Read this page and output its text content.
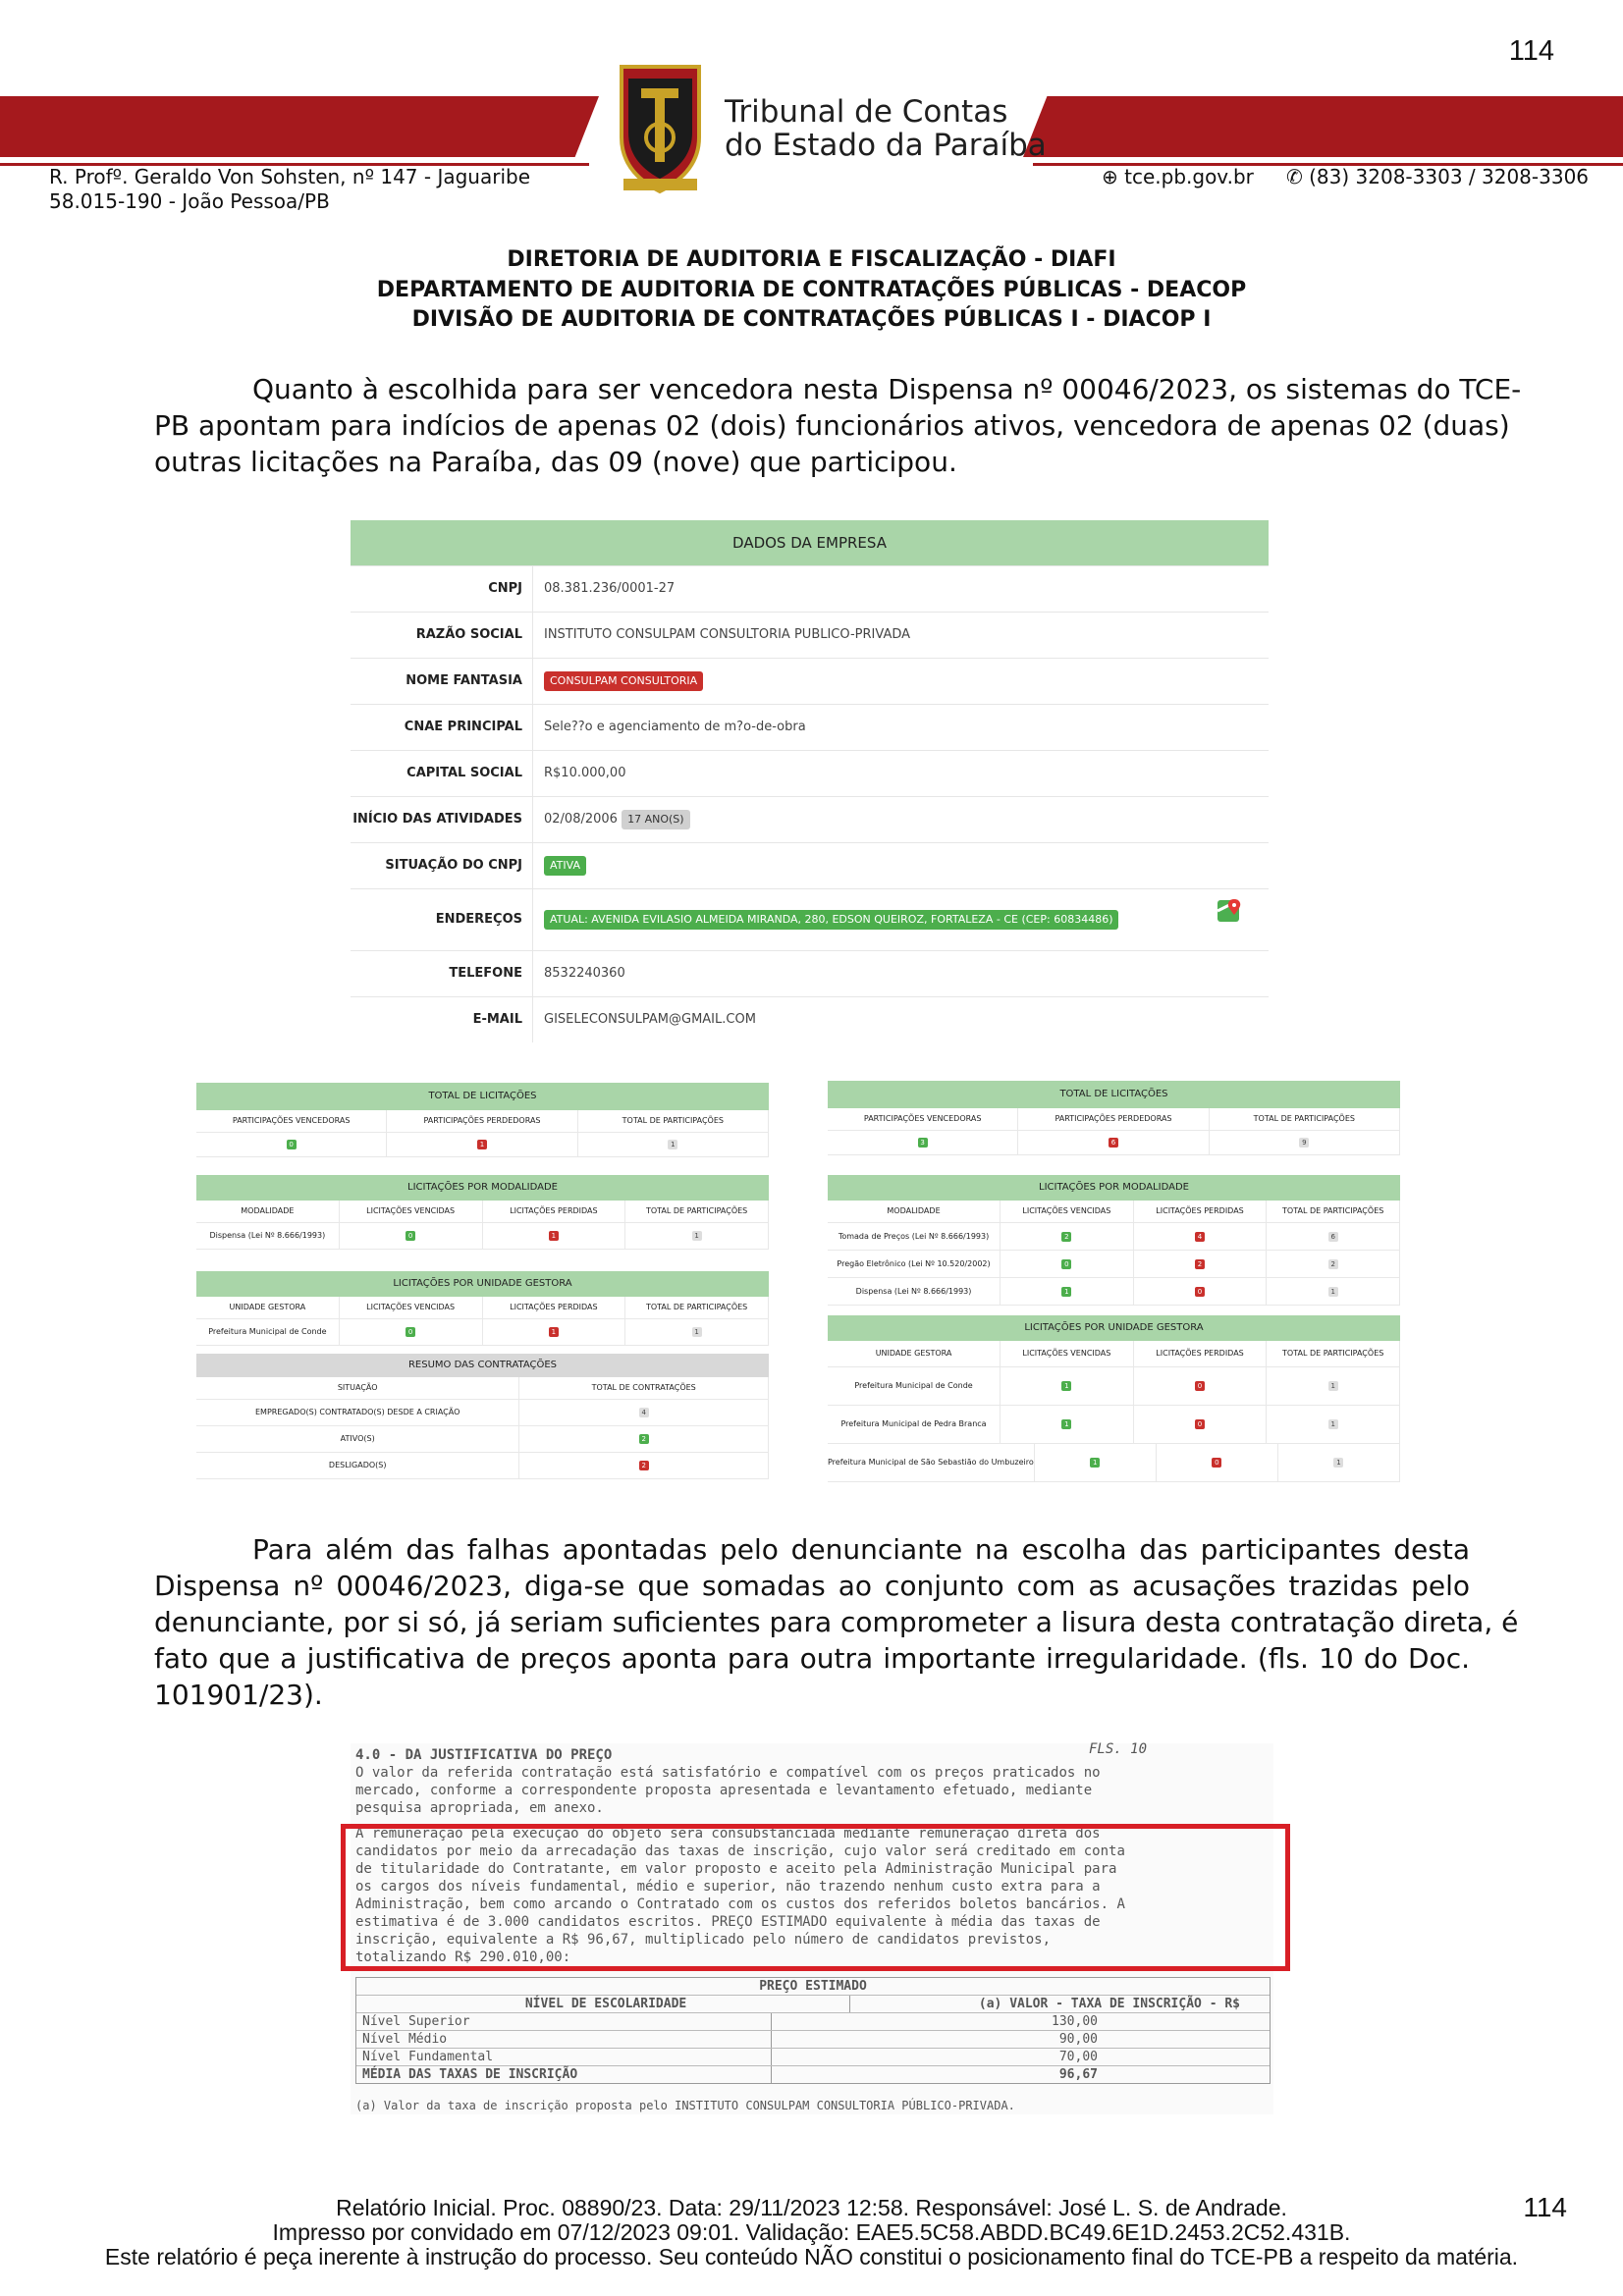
114
Tribunal de Contas
do Estado da Paraíba
R. Profº. Geraldo Von Sohsten, nº 147 - Jaguaribe
58.015-190 - João Pessoa/PB
⊕ tce.pb.gov.br ✆ (83) 3208-3303 / 3208-3306
DIRETORIA DE AUDITORIA E FISCALIZAÇÃO - DIAFI
DEPARTAMENTO DE AUDITORIA DE CONTRATAÇÕES PÚBLICAS - DEACOP
DIVISÃO DE AUDITORIA DE CONTRATAÇÕES PÚBLICAS I - DIACOP I
Quanto à escolhida para ser vencedora nesta Dispensa nº 00046/2023, os sistemas do TCE-
PB apontam para indícios de apenas 02 (dois) funcionários ativos, vencedora de apenas 02 (duas)
outras licitações na Paraíba, das 09 (nove) que participou.
DADOS DA EMPRESA
CNPJ 08.381.236/0001-27
RAZÃO SOCIAL INSTITUTO CONSULPAM CONSULTORIA PUBLICO-PRIVADA
NOME FANTASIA	CONSULPAM CONSULTORIA
CNAE PRINCIPAL Sele??o e agenciamento de m?o-de-obra
CAPITAL SOCIAL R$10.000,00
INÍCIO DAS ATIVIDADES 02/08/2006 17 ANO(S)
SITUAÇÃO DO CNPJ	ATIVA
ENDEREÇOS	ATUAL: AVENIDA EVILASIO ALMEIDA MIRANDA, 280, EDSON QUEIROZ, FORTALEZA - CE (CEP: 60834486)
TELEFONE 8532240360
E-MAIL GISELECONSULPAM@GMAIL.COM
TOTAL DE LICITAÇÕES
PARTICIPAÇÕES VENCEDORAS	PARTICIPAÇÕES PERDEDORAS	TOTAL DE PARTICIPAÇÕES
0	1	1
LICITAÇÕES POR MODALIDADE
MODALIDADE	LICITAÇÕES VENCIDAS	LICITAÇÕES PERDIDAS	TOTAL DE PARTICIPAÇÕES
Dispensa (Lei Nº 8.666/1993)	0	1	1
LICITAÇÕES POR UNIDADE GESTORA
UNIDADE GESTORA	LICITAÇÕES VENCIDAS	LICITAÇÕES PERDIDAS	TOTAL DE PARTICIPAÇÕES
Prefeitura Municipal de Conde	0	1	1
RESUMO DAS CONTRATAÇÕES
SITUAÇÃO	TOTAL DE CONTRATAÇÕES
EMPREGADO(S) CONTRATADO(S) DESDE A CRIAÇÃO	4
ATIVO(S)	2
DESLIGADO(S)	2
TOTAL DE LICITAÇÕES
PARTICIPAÇÕES VENCEDORAS	PARTICIPAÇÕES PERDEDORAS	TOTAL DE PARTICIPAÇÕES
3	6	9
LICITAÇÕES POR MODALIDADE
MODALIDADE	LICITAÇÕES VENCIDAS	LICITAÇÕES PERDIDAS	TOTAL DE PARTICIPAÇÕES
Tomada de Preços (Lei Nº 8.666/1993)	2	4	6
Pregão Eletrônico (Lei Nº 10.520/2002)	0	2	2
Dispensa (Lei Nº 8.666/1993)	1	0	1
LICITAÇÕES POR UNIDADE GESTORA
UNIDADE GESTORA	LICITAÇÕES VENCIDAS	LICITAÇÕES PERDIDAS	TOTAL DE PARTICIPAÇÕES
Prefeitura Municipal de Conde	1	0	1
Prefeitura Municipal de Pedra Branca	1	0	1
Prefeitura Municipal de São Sebastião do Umbuzeiro	1	0	1
Para além das falhas apontadas pelo denunciante na escolha das participantes desta
Dispensa nº 00046/2023, diga-se que somadas ao conjunto com as acusações trazidas pelo
denunciante, por si só, já seriam suficientes para comprometer a lisura desta contratação direta, é
fato que a justificativa de preços aponta para outra importante irregularidade. (fls. 10 do Doc.
101901/23).
4.0 - DA JUSTIFICATIVA DO PREÇO	FLS. 10
O valor da referida contratação está satisfatório e compatível com os preços praticados no
mercado, conforme a correspondente proposta apresentada e levantamento efetuado, mediante
pesquisa apropriada, em anexo.
A remuneração pela execução do objeto será consubstanciada mediante remuneração direta dos
candidatos por meio da arrecadação das taxas de inscrição, cujo valor será creditado em conta
de titularidade do Contratante, em valor proposto e aceito pela Administração Municipal para
os cargos dos níveis fundamental, médio e superior, não trazendo nenhum custo extra para a
Administração, bem como arcando o Contratado com os custos dos referidos boletos bancários. A
estimativa é de 3.000 candidatos escritos. PREÇO ESTIMADO equivalente à média das taxas de
inscrição, equivalente a R$ 96,67, multiplicado pelo número de candidatos previstos,
totalizando R$ 290.010,00:
PREÇO ESTIMADO
NÍVEL DE ESCOLARIDADE	(a) VALOR - TAXA DE INSCRIÇÃO - R$
Nível Superior	130,00
Nível Médio	90,00
Nível Fundamental	70,00
MÉDIA DAS TAXAS DE INSCRIÇÃO	96,67
(a) Valor da taxa de inscrição proposta pelo INSTITUTO CONSULPAM CONSULTORIA PÚBLICO-PRIVADA.
Relatório Inicial. Proc. 08890/23. Data: 29/11/2023 12:58. Responsável: José L. S. de Andrade.	114
Impresso por convidado em 07/12/2023 09:01. Validação: EAE5.5C58.ABDD.BC49.6E1D.2453.2C52.431B.
Este relatório é peça inerente à instrução do processo. Seu conteúdo NÃO constitui o posicionamento final do TCE-PB a respeito da matéria.
